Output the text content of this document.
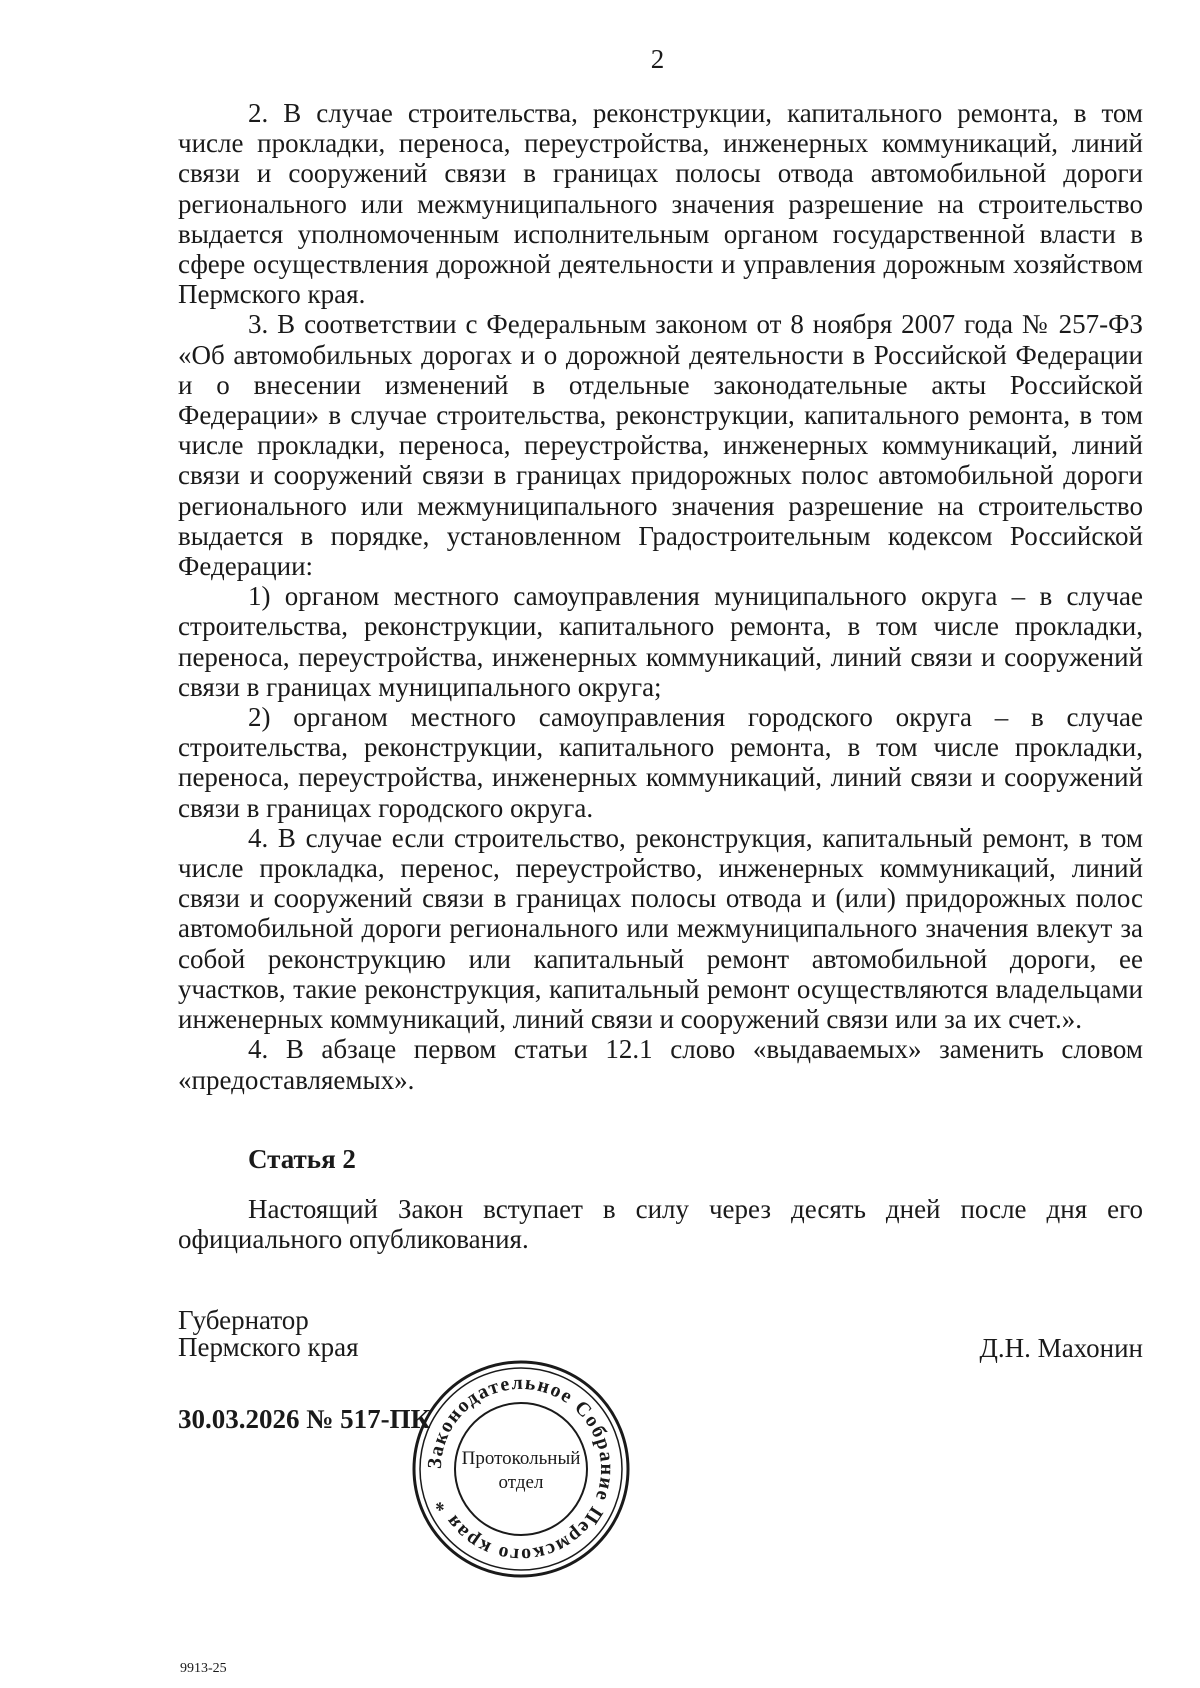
2

2. В случае строительства, реконструкции, капитального ремонта, в том числе прокладки, переноса, переустройства, инженерных коммуникаций, линий связи и сооружений связи в границах полосы отвода автомобильной дороги регионального или межмуниципального значения разрешение на строительство выдается уполномоченным исполнительным органом государственной власти в сфере осуществления дорожной деятельности и управления дорожным хозяйством Пермского края.

3. В соответствии с Федеральным законом от 8 ноября 2007 года № 257-ФЗ «Об автомобильных дорогах и о дорожной деятельности в Российской Федерации и о внесении изменений в отдельные законодательные акты Российской Федерации» в случае строительства, реконструкции, капитального ремонта, в том числе прокладки, переноса, переустройства, инженерных коммуникаций, линий связи и сооружений связи в границах придорожных полос автомобильной дороги регионального или межмуниципального значения разрешение на строительство выдается в порядке, установленном Градостроительным кодексом Российской Федерации:

1) органом местного самоуправления муниципального округа – в случае строительства, реконструкции, капитального ремонта, в том числе прокладки, переноса, переустройства, инженерных коммуникаций, линий связи и сооружений связи в границах муниципального округа;

2) органом местного самоуправления городского округа – в случае строительства, реконструкции, капитального ремонта, в том числе прокладки, переноса, переустройства, инженерных коммуникаций, линий связи и сооружений связи в границах городского округа.

4. В случае если строительство, реконструкция, капитальный ремонт, в том числе прокладка, перенос, переустройство, инженерных коммуникаций, линий связи и сооружений связи в границах полосы отвода и (или) придорожных полос автомобильной дороги регионального или межмуниципального значения влекут за собой реконструкцию или капитальный ремонт автомобильной дороги, ее участков, такие реконструкция, капитальный ремонт осуществляются владельцами инженерных коммуникаций, линий связи и сооружений связи или за их счет.».

4. В абзаце первом статьи 12.1 слово «выдаваемых» заменить словом «предоставляемых».

Статья 2

Настоящий Закон вступает в силу через десять дней после дня его официального опубликования.

Губернатор
Пермского края	Д.Н. Махонин
30.03.2026 № 517-ПК
Законодательное Собрание Пермского края *
Протокольный
отдел
9913-25
